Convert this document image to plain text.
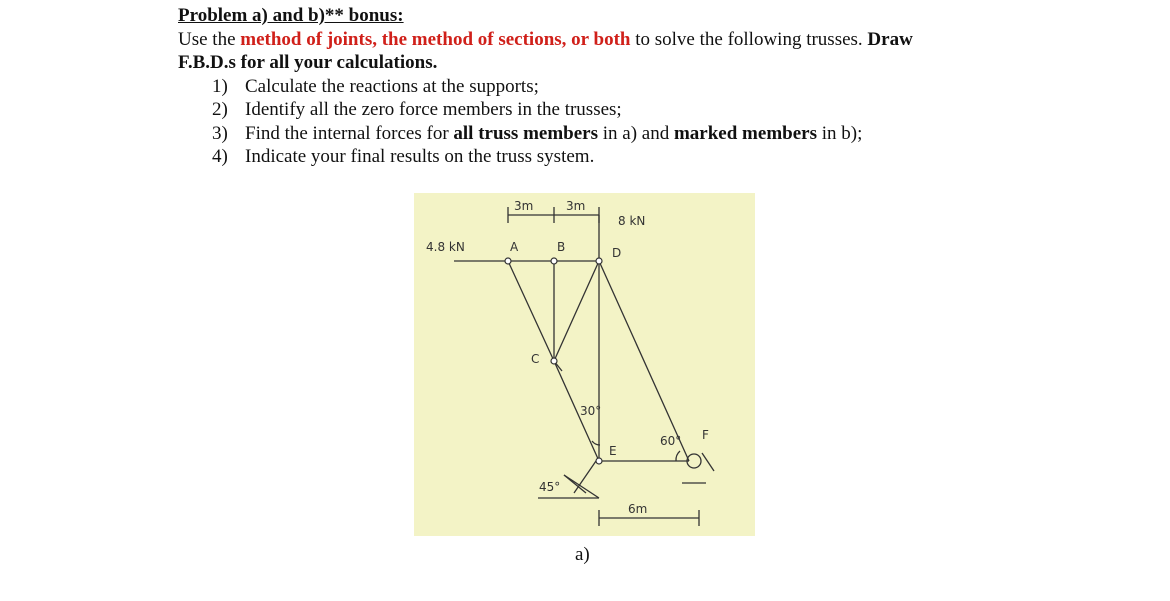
Problem a) and b)** bonus:
Use the method of joints, the method of sections, or both to solve the following trusses. Draw
F.B.D.s for all your calculations.
1) Calculate the reactions at the supports;
2) Identify all the zero force members in the trusses;
3) Find the internal forces for all truss members in a) and marked members in b);
4) Indicate your final results on the truss system.
3m	3m
8 kN
4.8 kN	A	B
C
D
E
F
30°
45°
60°
6m
a)
